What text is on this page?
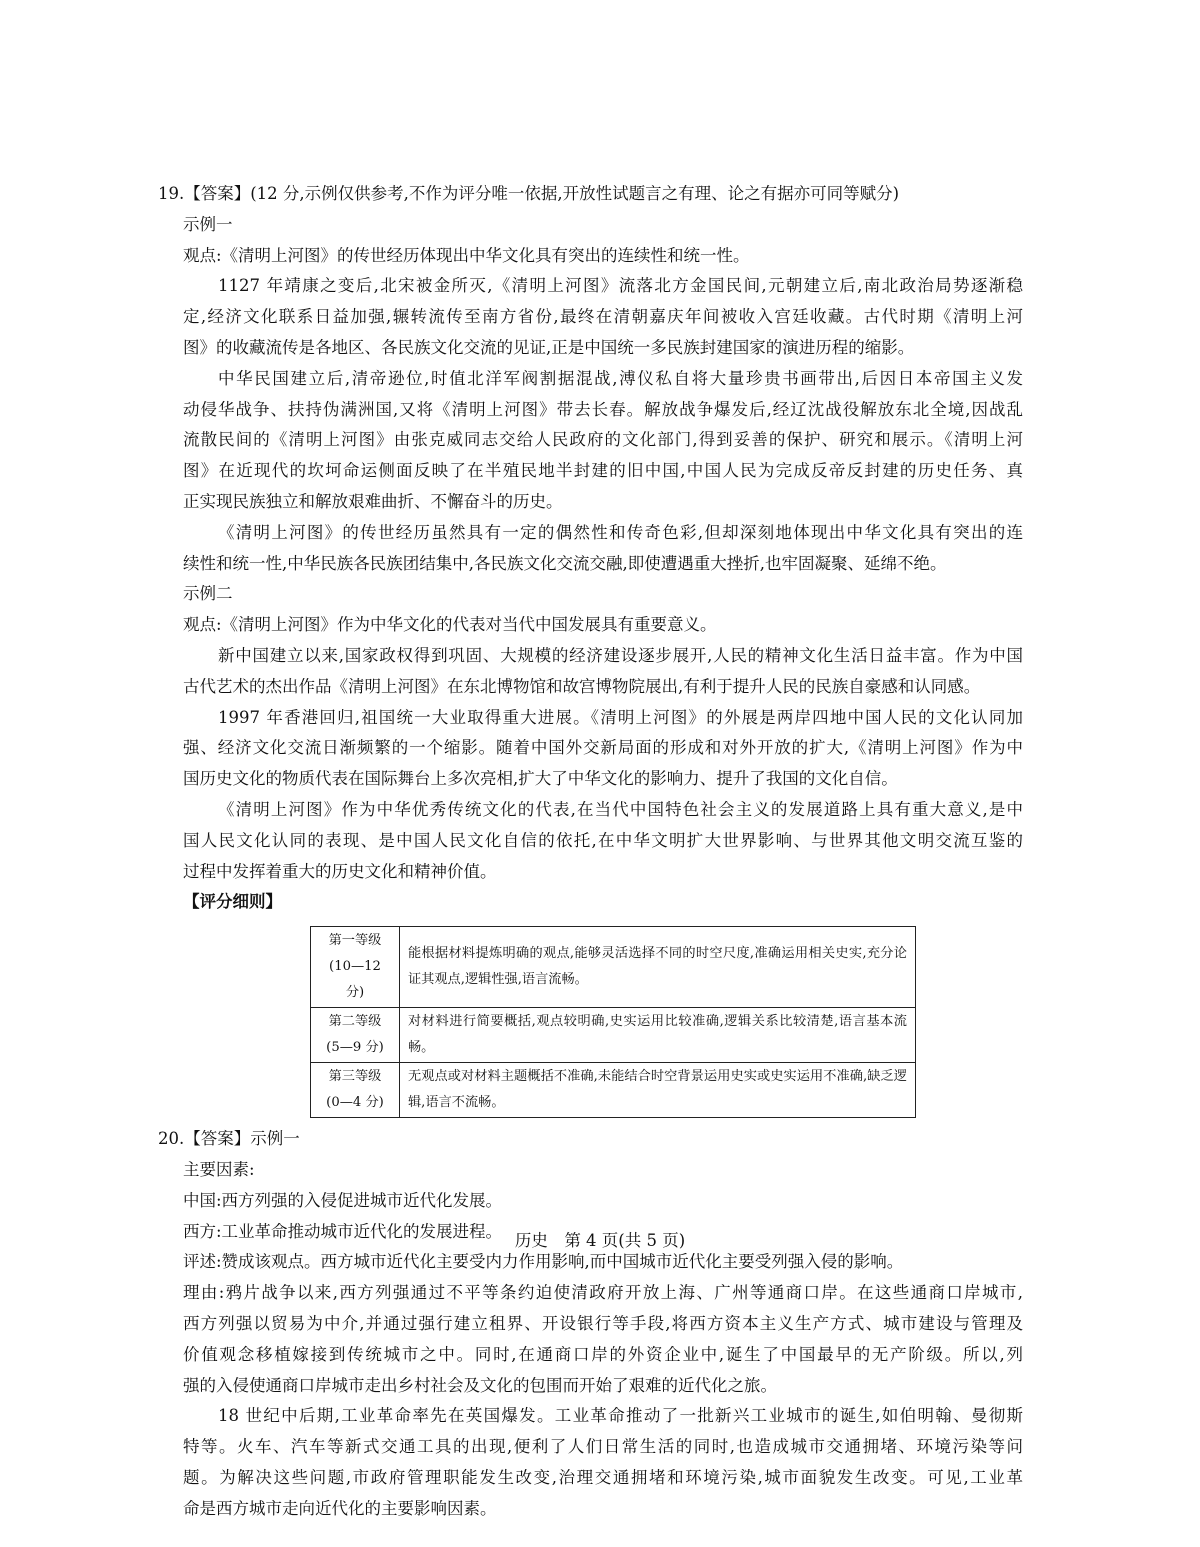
19.【答案】(12 分,示例仅供参考,不作为评分唯一依据,开放性试题言之有理、论之有据亦可同等赋分)
示例一
观点:《清明上河图》的传世经历体现出中华文化具有突出的连续性和统一性。
1127 年靖康之变后,北宋被金所灭,《清明上河图》流落北方金国民间,元朝建立后,南北政治局势逐渐稳
定,经济文化联系日益加强,辗转流传至南方省份,最终在清朝嘉庆年间被收入宫廷收藏。古代时期《清明上河
图》的收藏流传是各地区、各民族文化交流的见证,正是中国统一多民族封建国家的演进历程的缩影。
中华民国建立后,清帝逊位,时值北洋军阀割据混战,溥仪私自将大量珍贵书画带出,后因日本帝国主义发
动侵华战争、扶持伪满洲国,又将《清明上河图》带去长春。解放战争爆发后,经辽沈战役解放东北全境,因战乱
流散民间的《清明上河图》由张克威同志交给人民政府的文化部门,得到妥善的保护、研究和展示。《清明上河
图》在近现代的坎坷命运侧面反映了在半殖民地半封建的旧中国,中国人民为完成反帝反封建的历史任务、真
正实现民族独立和解放艰难曲折、不懈奋斗的历史。
《清明上河图》的传世经历虽然具有一定的偶然性和传奇色彩,但却深刻地体现出中华文化具有突出的连
续性和统一性,中华民族各民族团结集中,各民族文化交流交融,即使遭遇重大挫折,也牢固凝聚、延绵不绝。
示例二
观点:《清明上河图》作为中华文化的代表对当代中国发展具有重要意义。
新中国建立以来,国家政权得到巩固、大规模的经济建设逐步展开,人民的精神文化生活日益丰富。作为中国
古代艺术的杰出作品《清明上河图》在东北博物馆和故宫博物院展出,有利于提升人民的民族自豪感和认同感。
1997 年香港回归,祖国统一大业取得重大进展。《清明上河图》的外展是两岸四地中国人民的文化认同加
强、经济文化交流日渐频繁的一个缩影。随着中国外交新局面的形成和对外开放的扩大,《清明上河图》作为中
国历史文化的物质代表在国际舞台上多次亮相,扩大了中华文化的影响力、提升了我国的文化自信。
《清明上河图》作为中华优秀传统文化的代表,在当代中国特色社会主义的发展道路上具有重大意义,是中
国人民文化认同的表现、是中国人民文化自信的依托,在中华文明扩大世界影响、与世界其他文明交流互鉴的
过程中发挥着重大的历史文化和精神价值。
【评分细则】
第一等级
(10—12 分)	能根据材料提炼明确的观点,能够灵活选择不同的时空尺度,准确运用相关史实,充分论证其观点,逻辑性强,语言流畅。
第二等级
(5—9 分)	对材料进行简要概括,观点较明确,史实运用比较准确,逻辑关系比较清楚,语言基本流畅。
第三等级
(0—4 分)	无观点或对材料主题概括不准确,未能结合时空背景运用史实或史实运用不准确,缺乏逻辑,语言不流畅。
20.【答案】示例一
主要因素:
中国:西方列强的入侵促进城市近代化发展。
西方:工业革命推动城市近代化的发展进程。
评述:赞成该观点。西方城市近代化主要受内力作用影响,而中国城市近代化主要受列强入侵的影响。
理由:鸦片战争以来,西方列强通过不平等条约迫使清政府开放上海、广州等通商口岸。在这些通商口岸城市,
西方列强以贸易为中介,并通过强行建立租界、开设银行等手段,将西方资本主义生产方式、城市建设与管理及
价值观念移植嫁接到传统城市之中。同时,在通商口岸的外资企业中,诞生了中国最早的无产阶级。所以,列
强的入侵使通商口岸城市走出乡村社会及文化的包围而开始了艰难的近代化之旅。
18 世纪中后期,工业革命率先在英国爆发。工业革命推动了一批新兴工业城市的诞生,如伯明翰、曼彻斯
特等。火车、汽车等新式交通工具的出现,便利了人们日常生活的同时,也造成城市交通拥堵、环境污染等问
题。为解决这些问题,市政府管理职能发生改变,治理交通拥堵和环境污染,城市面貌发生改变。可见,工业革
命是西方城市走向近代化的主要影响因素。
历史　第 4 页(共 5 页)
